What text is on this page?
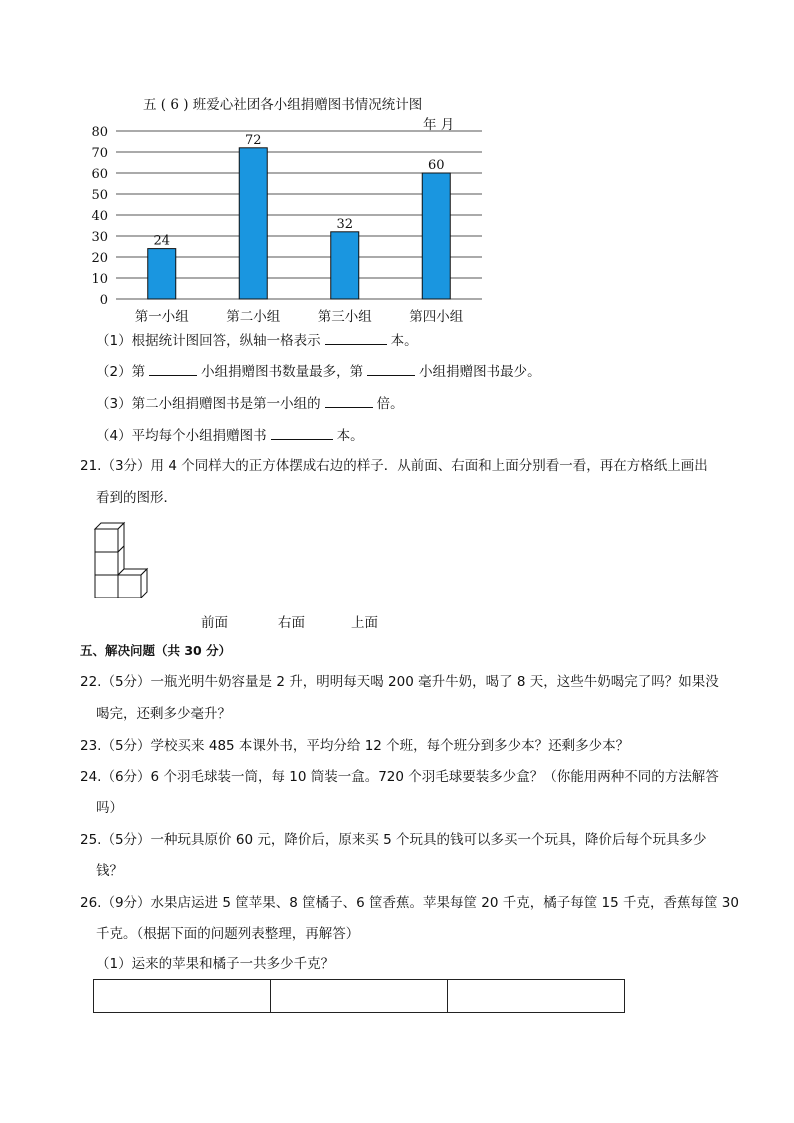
五 ( 6 ) 班爱心社团各小组捐赠图书情况统计图
年 月
0
10
20
30
40
50
60
70
80
24
72
32
60
第一小组	第二小组	第三小组	第四小组
（1）根据统计图回答，纵轴一格表示	本。
（2）第	小组捐赠图书数量最多，第	小组捐赠图书最少。
（3）第二小组捐赠图书是第一小组的	倍。
（4）平均每个小组捐赠图书	本。
21.（3分）用 4 个同样大的正方体摆成右边的样子．从前面、右面和上面分别看一看，再在方格纸上画出
看到的图形．
前面	右面	上面
五、解决问题（共 30 分）
22.（5分）一瓶光明牛奶容量是 2 升，明明每天喝 200 毫升牛奶，喝了 8 天，这些牛奶喝完了吗？如果没
喝完，还剩多少毫升？
23.（5分）学校买来 485 本课外书，平均分给 12 个班，每个班分到多少本？还剩多少本？
24.（6分）6 个羽毛球装一筒，每 10 筒装一盒。720 个羽毛球要装多少盒？（你能用两种不同的方法解答
吗）
25.（5分）一种玩具原价 60 元，降价后，原来买 5 个玩具的钱可以多买一个玩具，降价后每个玩具多少
钱？
26.（9分）水果店运进 5 筐苹果、8 筐橘子、6 筐香蕉。苹果每筐 20 千克，橘子每筐 15 千克，香蕉每筐 30
千克。（根据下面的问题列表整理，再解答）
（1）运来的苹果和橘子一共多少千克？
